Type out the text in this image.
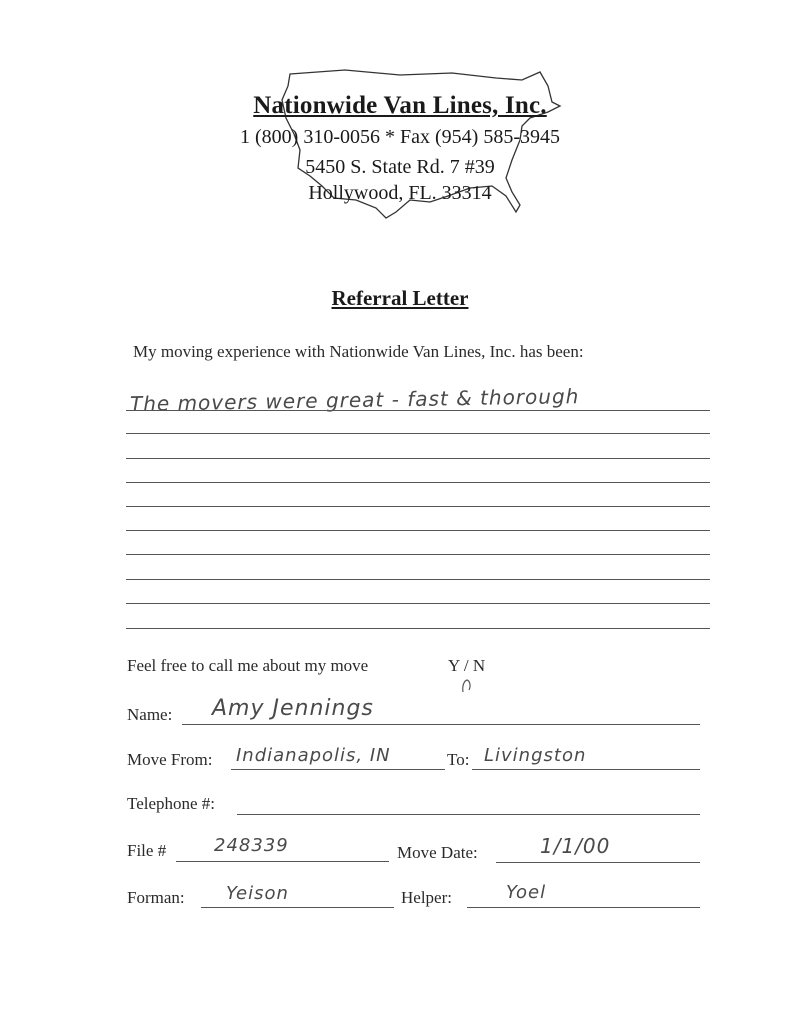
Nationwide Van Lines, Inc.
1 (800) 310-0056 * Fax (954) 585-3945
5450 S. State Rd. 7 #39
Hollywood, FL. 33314
Referral Letter
My moving experience with Nationwide Van Lines, Inc. has been:
The movers were great - fast & thorough
Feel free to call me about my move	Y / N
Name: Amy Jennings
Move From: Indianapolis, IN	To: Livingston
Telephone #:
File #	248339	Move Date:	1/1/00
Forman: Yeison	Helper:	Yoel
